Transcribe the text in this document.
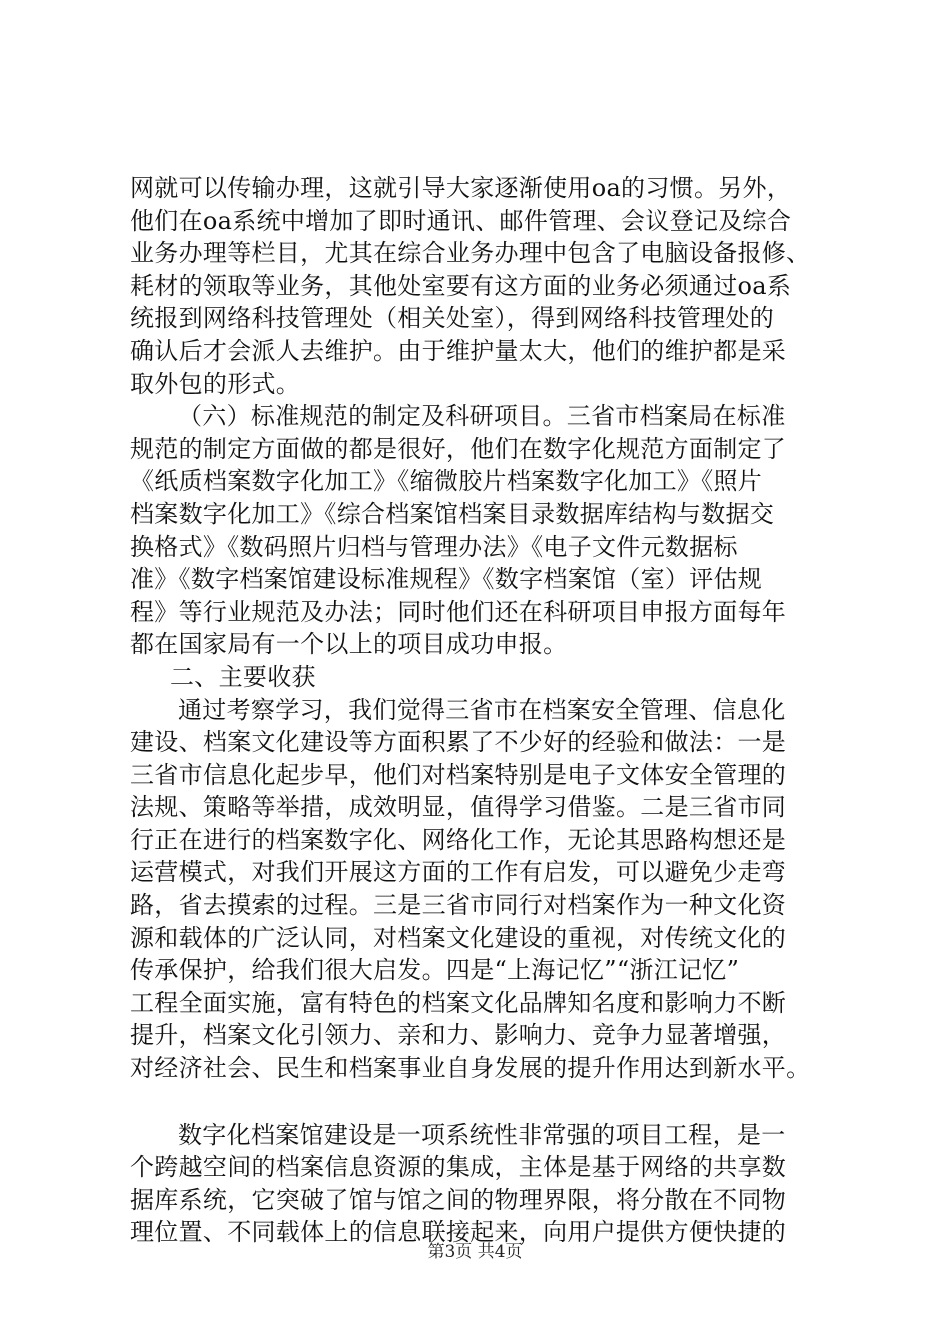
网就可以传输办理，这就引导大家逐渐使用oa的习惯。另外，
他们在oa系统中增加了即时通讯、邮件管理、会议登记及综合
业务办理等栏目，尤其在综合业务办理中包含了电脑设备报修、
耗材的领取等业务，其他处室要有这方面的业务必须通过oa系
统报到网络科技管理处（相关处室），得到网络科技管理处的
确认后才会派人去维护。由于维护量太大，他们的维护都是采
取外包的形式。
（六）标准规范的制定及科研项目。三省市档案局在标准
规范的制定方面做的都是很好，他们在数字化规范方面制定了
《纸质档案数字化加工》《缩微胶片档案数字化加工》《照片
档案数字化加工》《综合档案馆档案目录数据库结构与数据交
换格式》《数码照片归档与管理办法》《电子文件元数据标
准》《数字档案馆建设标准规程》《数字档案馆（室）评估规
程》等行业规范及办法；同时他们还在科研项目申报方面每年
都在国家局有一个以上的项目成功申报。
二、主要收获
通过考察学习，我们觉得三省市在档案安全管理、信息化
建设、档案文化建设等方面积累了不少好的经验和做法：一是
三省市信息化起步早，他们对档案特别是电子文体安全管理的
法规、策略等举措，成效明显，值得学习借鉴。二是三省市同
行正在进行的档案数字化、网络化工作，无论其思路构想还是
运营模式，对我们开展这方面的工作有启发，可以避免少走弯
路，省去摸索的过程。三是三省市同行对档案作为一种文化资
源和载体的广泛认同，对档案文化建设的重视，对传统文化的
传承保护，给我们很大启发。四是“上海记忆”“浙江记忆”
工程全面实施，富有特色的档案文化品牌知名度和影响力不断
提升，档案文化引领力、亲和力、影响力、竞争力显著增强，
对经济社会、民生和档案事业自身发展的提升作用达到新水平。
数字化档案馆建设是一项系统性非常强的项目工程，是一
个跨越空间的档案信息资源的集成，主体是基于网络的共享数
据库系统，它突破了馆与馆之间的物理界限，将分散在不同物
理位置、不同载体上的信息联接起来，向用户提供方便快捷的
第3页 共4页
